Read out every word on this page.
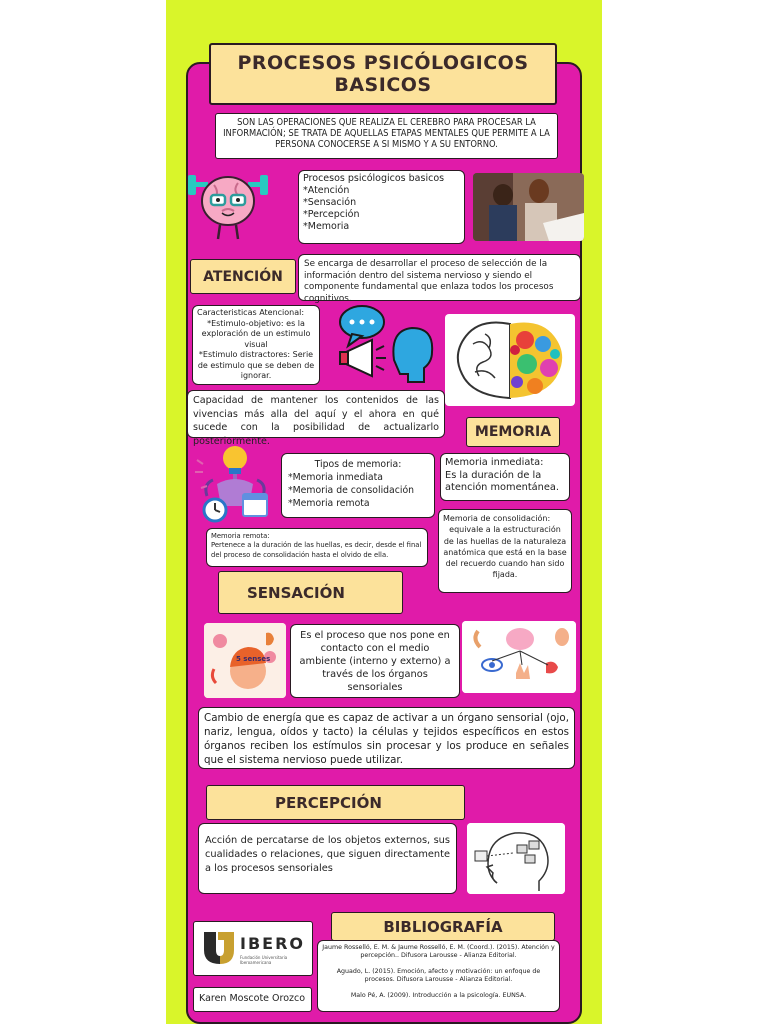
PROCESOS PSICÓLOGICOS
BASICOS
SON LAS OPERACIONES QUE REALIZA EL CEREBRO PARA PROCESAR LA INFORMACIÓN; SE TRATA DE AQUELLAS ETAPAS MENTALES QUE PERMITE A LA PERSONA CONOCERSE A SI MISMO Y A SU ENTORNO.
Procesos psicólogicos basicos
*Atención
*Sensación
*Percepción
*Memoria
ATENCIÓN
Se encarga de desarrollar el proceso de selección de la información dentro del sistema nervioso y siendo el componente fundamental que enlaza todos los procesos cognitivos.
Caracteristicas Atencional:
*Estimulo-objetivo: es la exploración de un estimulo visual
*Estimulo distractores: Serie de estimulo que se deben de ignorar.
Capacidad de mantener los contenidos de las vivencias más alla del aquí y el ahora en qué sucede con la posibilidad de actualizarlo posteriormente.
MEMORIA
Tipos de memoria:
*Memoria inmediata
*Memoria de consolidación
*Memoria remota
Memoria inmediata:
Es la duración de la atención momentánea.
Memoria de consolidación:
equivale a la estructuración de las huellas de la naturaleza anatómica que está en la base del recuerdo cuando han sido fijada.
Memoria remota:
Pertenece a la duración de las huellas, es decir, desde el final del proceso de consolidación hasta el olvido de ella.
SENSACIÓN
5 senses
Es el proceso que nos pone en contacto con el medio ambiente (interno y externo) a través de los órganos sensoriales
Cambio de energía que es capaz de activar a un órgano sensorial (ojo, nariz, lengua, oídos y tacto) la células y tejidos específicos en estos órganos reciben los estímulos sin procesar y los produce en señales que el sistema nervioso puede utilizar.
PERCEPCIÓN
Acción de percatarse de los objetos externos, sus cualidades o relaciones, que siguen directamente a los procesos sensoriales
IBERO
Fundación Universitaria Iberoamericana
Karen Moscote Orozco
BIBLIOGRAFÍA
Jaume Rosselló, E. M. & Jaume Rosselló, E. M. (Coord.). (2015). Atención y percepción.. Difusora Larousse - Alianza Editorial.
Aguado, L. (2015). Emoción, afecto y motivación: un enfoque de procesos. Difusora Larousse - Alianza Editorial.
Malo Pé, A. (2009). Introducción a la psicología. EUNSA.
